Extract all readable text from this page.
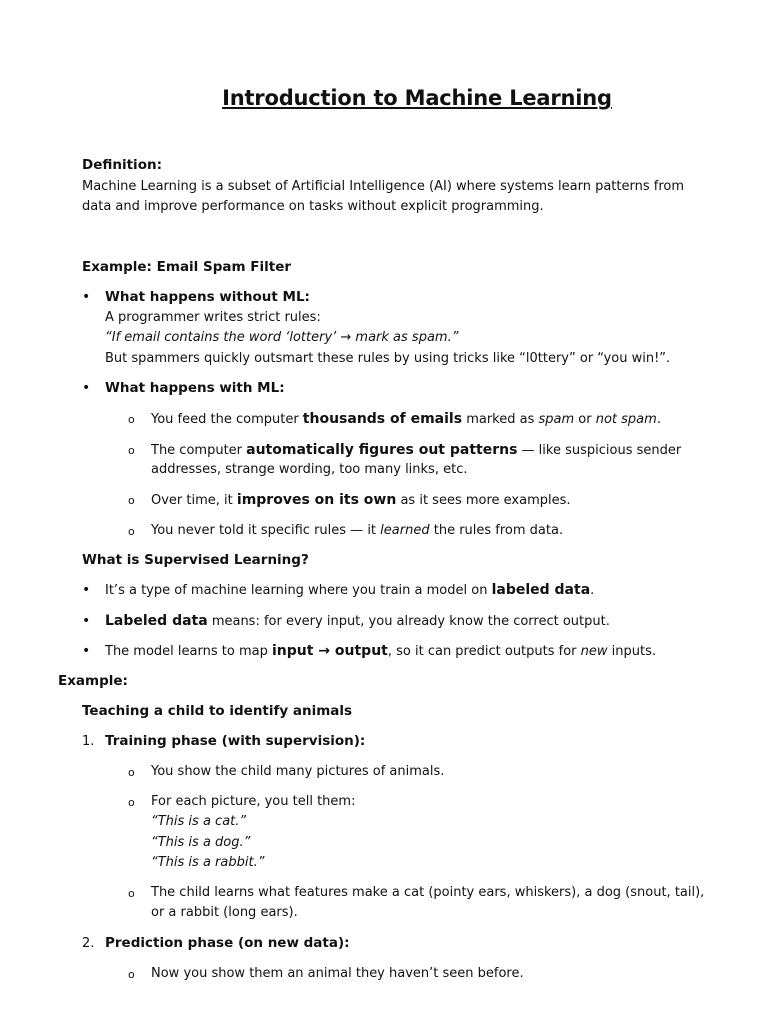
Introduction to Machine Learning
Definition:
Machine Learning is a subset of Artificial Intelligence (AI) where systems learn patterns from
data and improve performance on tasks without explicit programming.
Example: Email Spam Filter
• What happens without ML:
A programmer writes strict rules:
“If email contains the word ‘lottery’ → mark as spam.”
But spammers quickly outsmart these rules by using tricks like “l0ttery” or “you win!”.
• What happens with ML:
o You feed the computer thousands of emails marked as spam or not spam.
o The computer automatically figures out patterns — like suspicious sender
addresses, strange wording, too many links, etc.
o Over time, it improves on its own as it sees more examples.
o You never told it specific rules — it learned the rules from data.
What is Supervised Learning?
• It’s a type of machine learning where you train a model on labeled data.
• Labeled data means: for every input, you already know the correct output.
• The model learns to map input → output, so it can predict outputs for new inputs.
Example:
Teaching a child to identify animals
1. Training phase (with supervision):
o You show the child many pictures of animals.
o For each picture, you tell them:
“This is a cat.”
“This is a dog.”
“This is a rabbit.”
o The child learns what features make a cat (pointy ears, whiskers), a dog (snout, tail),
or a rabbit (long ears).
2. Prediction phase (on new data):
o Now you show them an animal they haven’t seen before.
